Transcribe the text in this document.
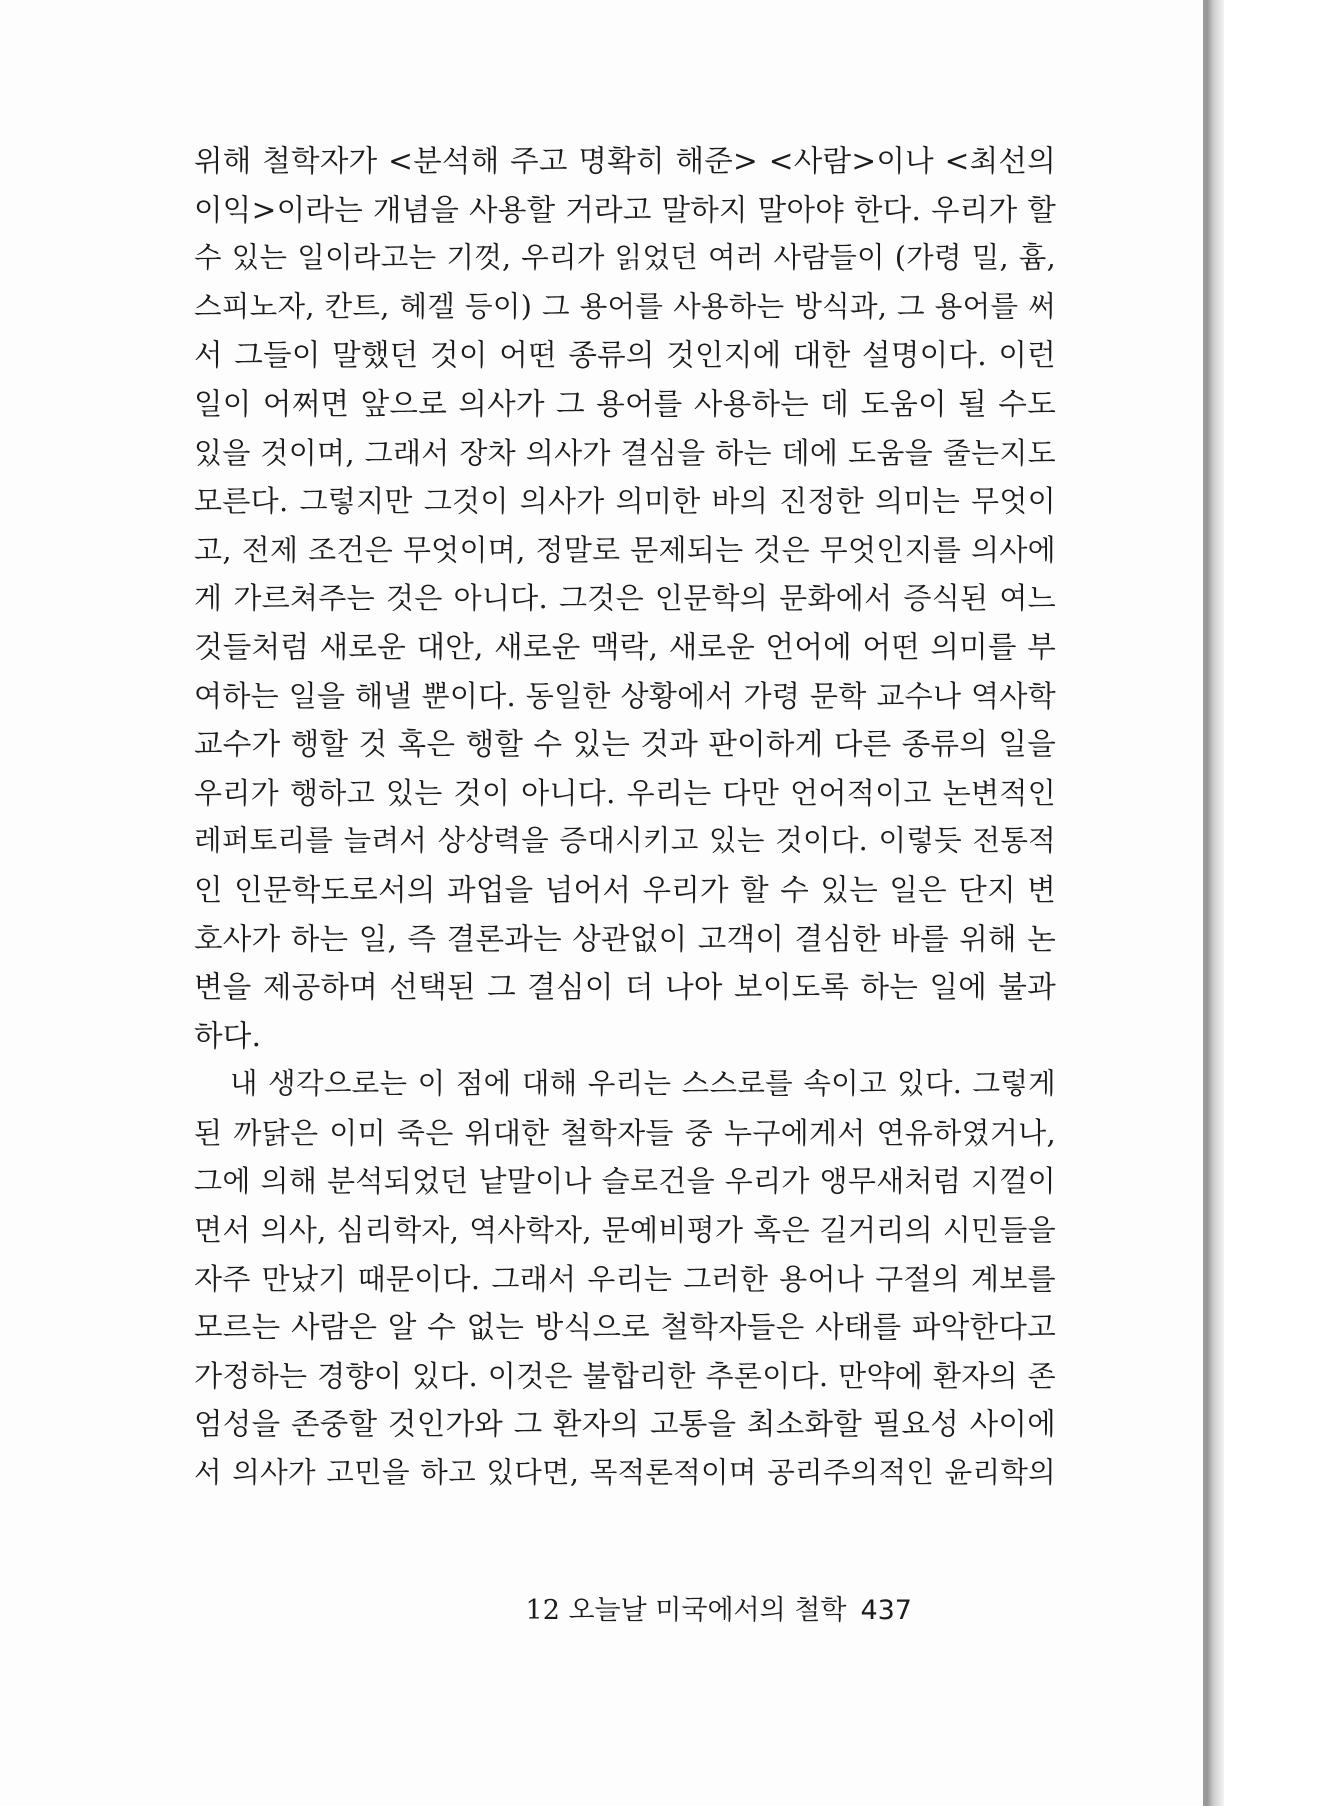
위해 철학자가 <분석해 주고 명확히 해준> <사람>이나 <최선의
이익>이라는 개념을 사용할 거라고 말하지 말아야 한다. 우리가 할
수 있는 일이라고는 기껏, 우리가 읽었던 여러 사람들이 (가령 밀, 흄,
스피노자, 칸트, 헤겔 등이) 그 용어를 사용하는 방식과, 그 용어를 써
서 그들이 말했던 것이 어떤 종류의 것인지에 대한 설명이다. 이런
일이 어쩌면 앞으로 의사가 그 용어를 사용하는 데 도움이 될 수도
있을 것이며, 그래서 장차 의사가 결심을 하는 데에 도움을 줄는지도
모른다. 그렇지만 그것이 의사가 의미한 바의 진정한 의미는 무엇이
고, 전제 조건은 무엇이며, 정말로 문제되는 것은 무엇인지를 의사에
게 가르쳐주는 것은 아니다. 그것은 인문학의 문화에서 증식된 여느
것들처럼 새로운 대안, 새로운 맥락, 새로운 언어에 어떤 의미를 부
여하는 일을 해낼 뿐이다. 동일한 상황에서 가령 문학 교수나 역사학
교수가 행할 것 혹은 행할 수 있는 것과 판이하게 다른 종류의 일을
우리가 행하고 있는 것이 아니다. 우리는 다만 언어적이고 논변적인
레퍼토리를 늘려서 상상력을 증대시키고 있는 것이다. 이렇듯 전통적
인 인문학도로서의 과업을 넘어서 우리가 할 수 있는 일은 단지 변
호사가 하는 일, 즉 결론과는 상관없이 고객이 결심한 바를 위해 논
변을 제공하며 선택된 그 결심이 더 나아 보이도록 하는 일에 불과
하다.
내 생각으로는 이 점에 대해 우리는 스스로를 속이고 있다. 그렇게
된 까닭은 이미 죽은 위대한 철학자들 중 누구에게서 연유하였거나,
그에 의해 분석되었던 낱말이나 슬로건을 우리가 앵무새처럼 지껄이
면서 의사, 심리학자, 역사학자, 문예비평가 혹은 길거리의 시민들을
자주 만났기 때문이다. 그래서 우리는 그러한 용어나 구절의 계보를
모르는 사람은 알 수 없는 방식으로 철학자들은 사태를 파악한다고
가정하는 경향이 있다. 이것은 불합리한 추론이다. 만약에 환자의 존
엄성을 존중할 것인가와 그 환자의 고통을 최소화할 필요성 사이에
서 의사가 고민을 하고 있다면, 목적론적이며 공리주의적인 윤리학의
12 오늘날 미국에서의 철학 437
